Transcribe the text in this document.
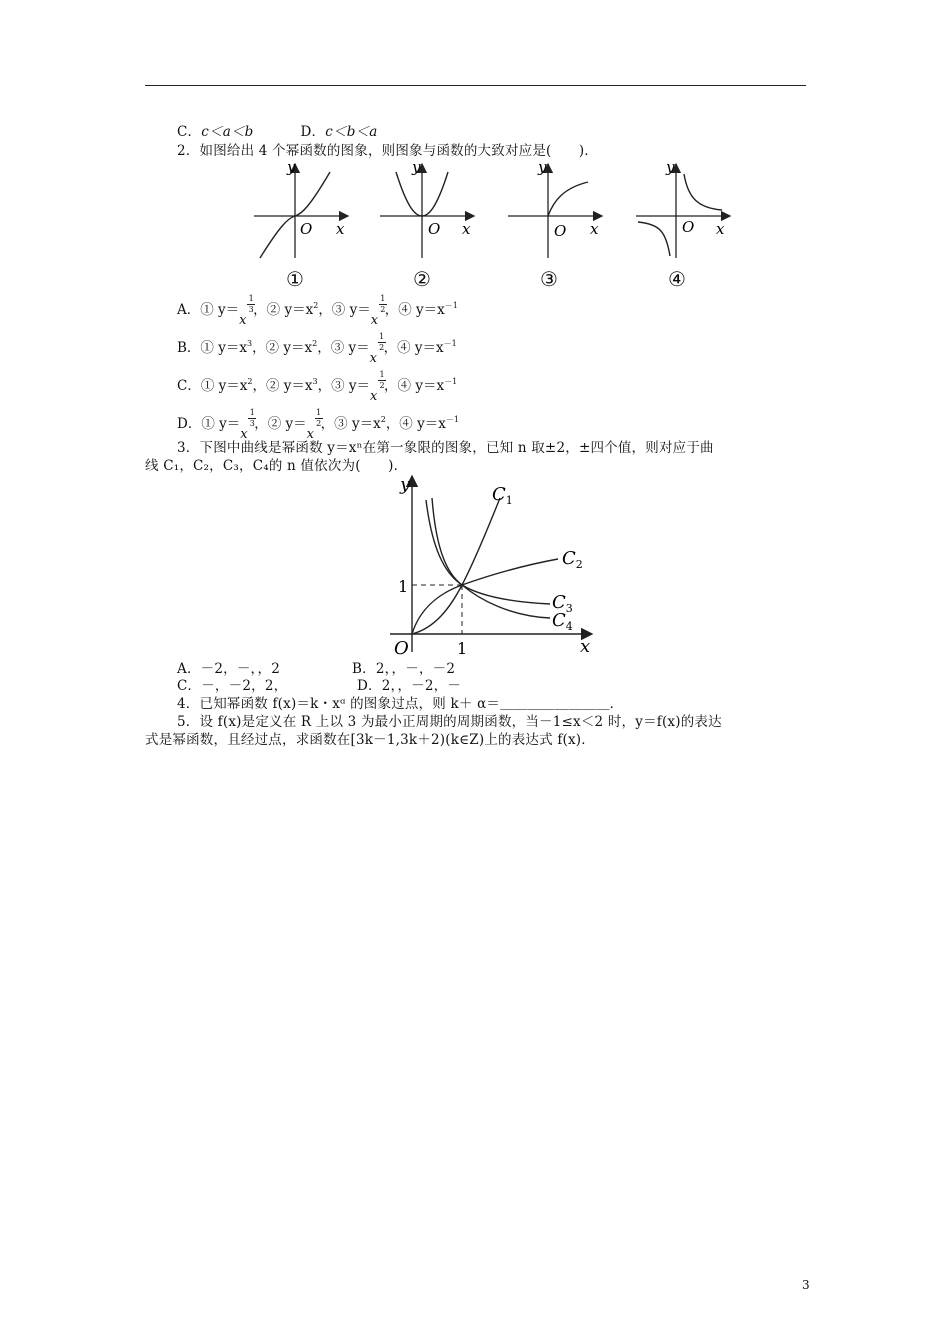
C．c＜a＜b	D．c＜b＜a
2．如图给出 4 个幂函数的图象，则图象与函数的大致对应是(　　)．
y
x
O
y
x
O
y
x
O
y
x
O
①	②	③	④
A．① y＝
x
1
3 ，② $y=x^2$，③ y＝
x
1
2 ，④ $y=x^{-1}$
B．① $y=x^3$，② $y=x^2$，③ y＝
x
1
2 ，④ $y=x^{-1}$
C．① $y=x^2$，② $y=x^3$，③ y＝
x
1
2 ，④ $y=x^{-1}$
D．① y＝
x
1
3 ，② y＝
x
1
2 ，③ $y=x^2$，④ $y=x^{-1}$
3．下图中曲线是幂函数 y＝xⁿ在第一象限的图象，已知 n 取±2，±四个值，则对应于曲
线 C₁，C₂，C₃，C₄的 n 值依次为(　　)．
y
x
O
1
1
$C_1$
$C_2$
$C_3$
$C_4$
A．－2，－，，2	B．2，，－，－2
C．－，－2，2，	D．2，，－2，－
4．已知幂函数 f(x)＝k・xᵅ 的图象过点，则 k＋ α＝＿＿＿＿＿＿＿＿．
5．设 f(x)是定义在 R 上以 3 为最小正周期的周期函数，当－1≤x＜2 时，y＝f(x)的表达
式是幂函数，且经过点，求函数在[3k－1,3k＋2)(k∈Z)上的表达式 f(x)．
3
